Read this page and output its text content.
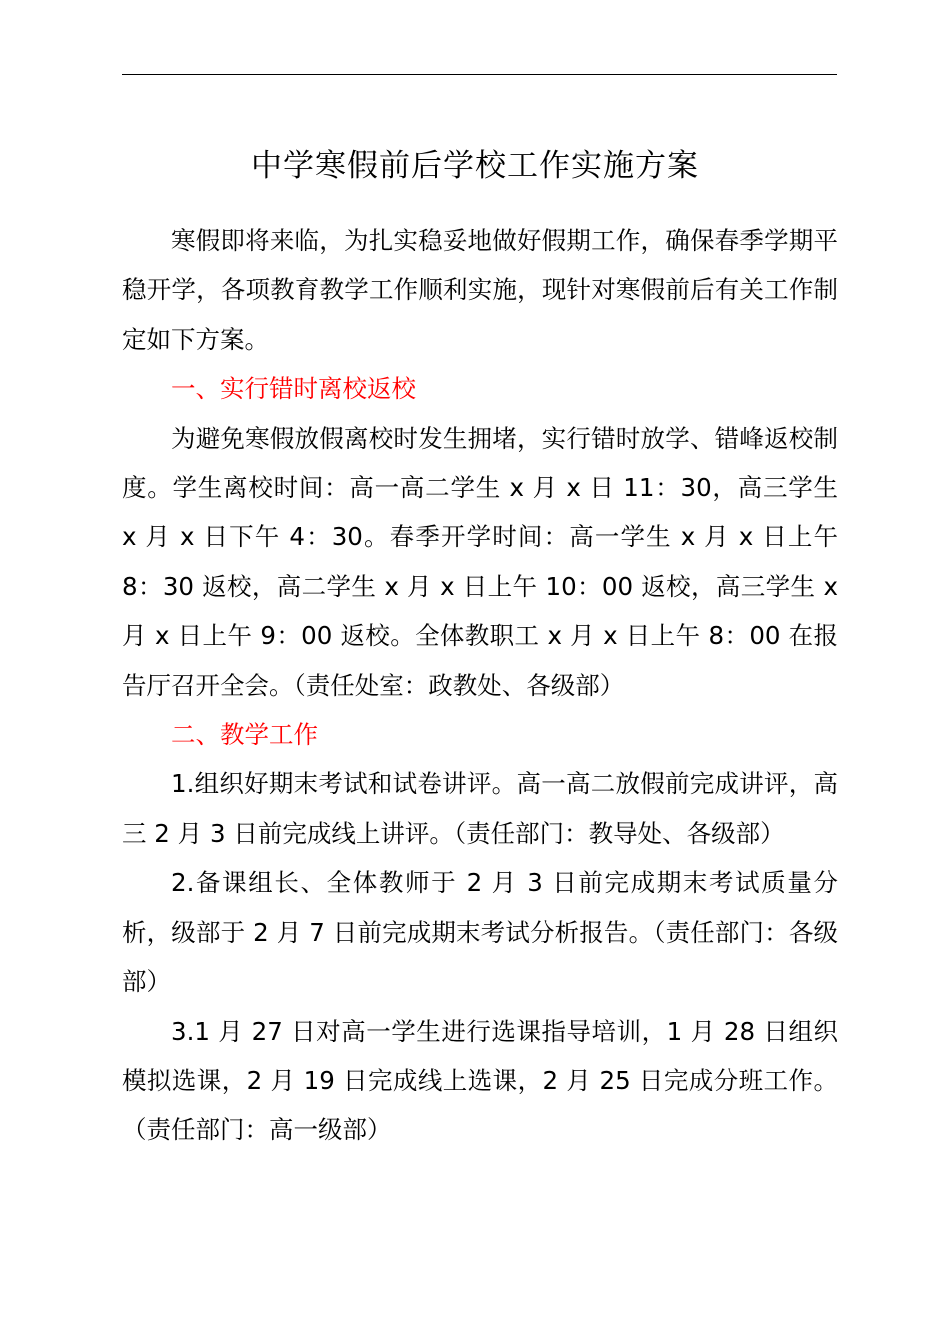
中学寒假前后学校工作实施方案

寒假即将来临，为扎实稳妥地做好假期工作，确保春季学期平稳开学，各项教育教学工作顺利实施，现针对寒假前后有关工作制定如下方案。

一、实行错时离校返校

为避免寒假放假离校时发生拥堵，实行错时放学、错峰返校制度。学生离校时间：高一高二学生 x 月 x 日 11：30，高三学生 x 月 x 日下午 4：30。春季开学时间：高一学生 x 月 x 日上午 8：30 返校，高二学生 x 月 x 日上午 10：00 返校，高三学生 x 月 x 日上午 9：00 返校。全体教职工 x 月 x 日上午 8：00 在报告厅召开全会。（责任处室：政教处、各级部）

二、教学工作

1.组织好期末考试和试卷讲评。高一高二放假前完成讲评，高三 2 月 3 日前完成线上讲评。（责任部门：教导处、各级部）

2.备课组长、全体教师于 2 月 3 日前完成期末考试质量分析，级部于 2 月 7 日前完成期末考试分析报告。（责任部门：各级部）

3.1 月 27 日对高一学生进行选课指导培训，1 月 28 日组织模拟选课，2 月 19 日完成线上选课，2 月 25 日完成分班工作。（责任部门：高一级部）
